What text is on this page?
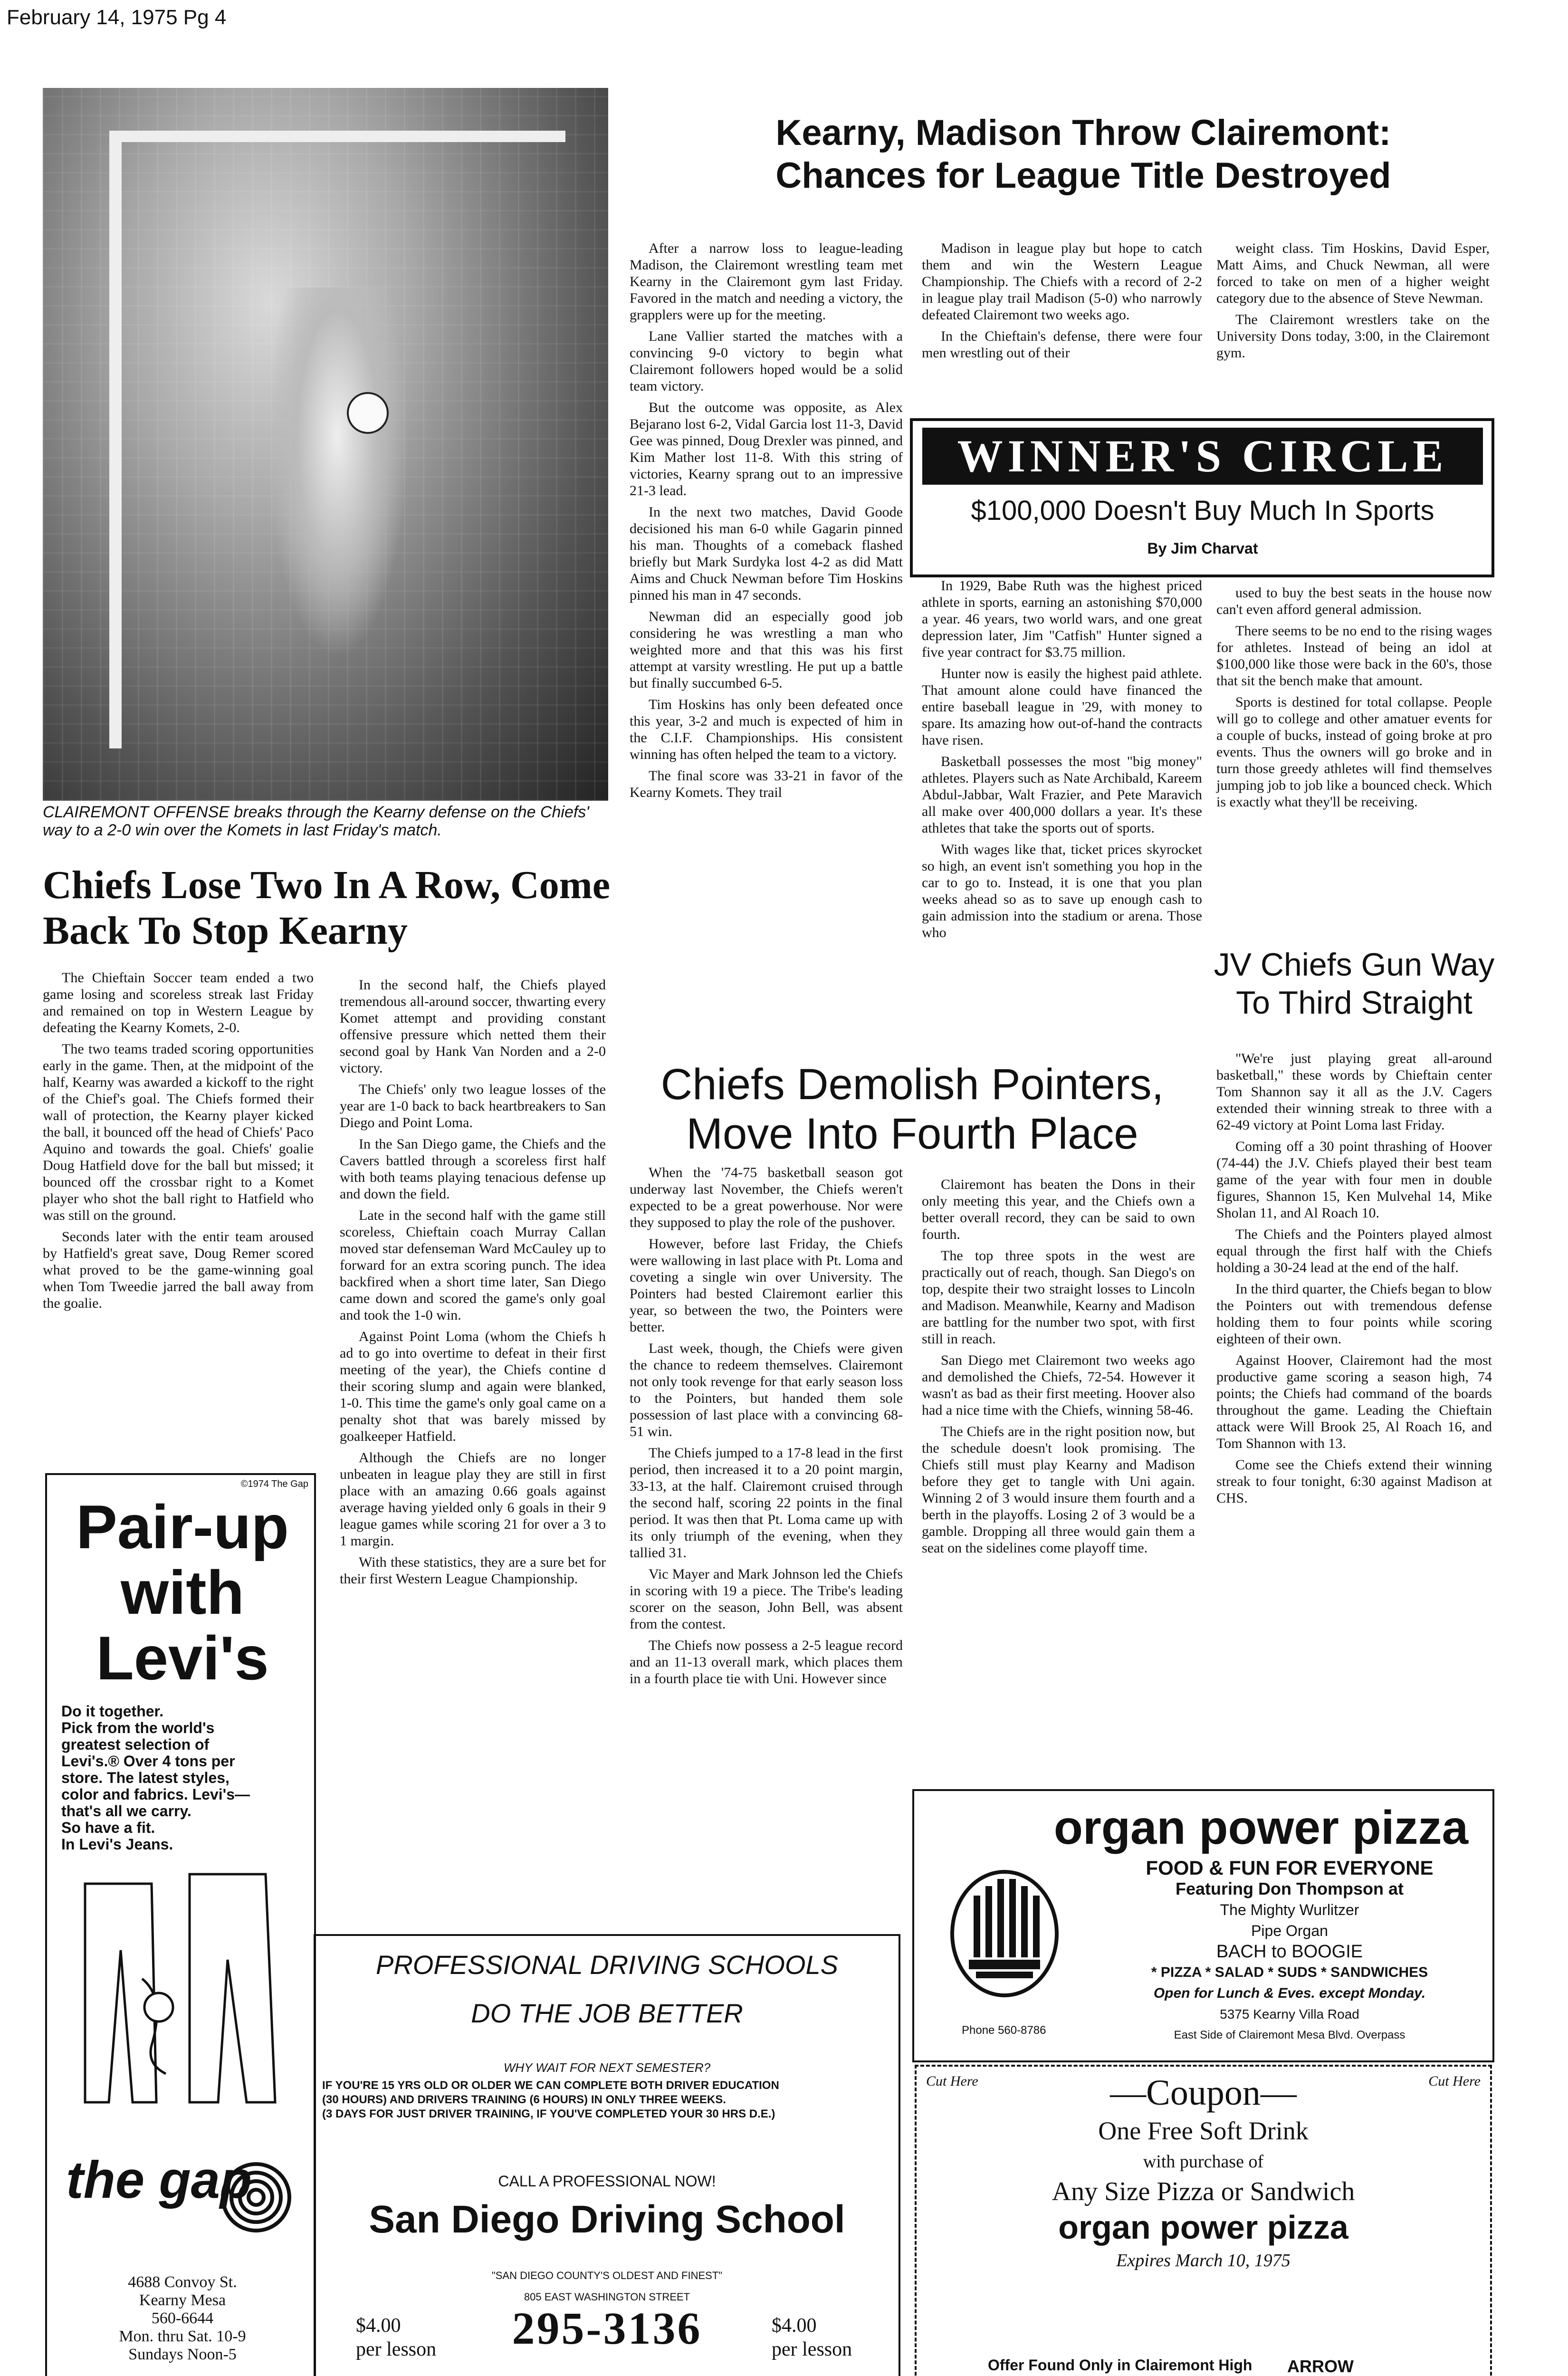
February 14, 1975 Pg 4
CLAIREMONT OFFENSE breaks through the Kearny defense on the Chiefs' way to a 2-0 win over the Komets in last Friday's match.
Chiefs Lose Two In A Row, Come Back To Stop Kearny

The Chieftain Soccer team ended a two game losing and scoreless streak last Friday and remained on top in Western League by defeating the Kearny Komets, 2-0.

The two teams traded scoring opportunities early in the game. Then, at the midpoint of the half, Kearny was awarded a kickoff to the right of the Chief's goal. The Chiefs formed their wall of protection, the Kearny player kicked the ball, it bounced off the head of Chiefs' Paco Aquino and towards the goal. Chiefs' goalie Doug Hatfield dove for the ball but missed; it bounced off the crossbar right to a Komet player who shot the ball right to Hatfield who was still on the ground.

Seconds later with the entir team aroused by Hatfield's great save, Doug Remer scored what proved to be the game-winning goal when Tom Tweedie jarred the ball away from the goalie.

In the second half, the Chiefs played tremendous all-around soccer, thwarting every Komet attempt and providing constant offensive pressure which netted them their second goal by Hank Van Norden and a 2-0 victory.

The Chiefs' only two league losses of the year are 1-0 back to back heartbreakers to San Diego and Point Loma.

In the San Diego game, the Chiefs and the Cavers battled through a scoreless first half with both teams playing tenacious defense up and down the field.

Late in the second half with the game still scoreless, Chieftain coach Murray Callan moved star defenseman Ward McCauley up to forward for an extra scoring punch. The idea backfired when a short time later, San Diego came down and scored the game's only goal and took the 1-0 win.

Against Point Loma (whom the Chiefs h ad to go into overtime to defeat in their first meeting of the year), the Chiefs contine d their scoring slump and again were blanked, 1-0. This time the game's only goal came on a penalty shot that was barely missed by goalkeeper Hatfield.

Although the Chiefs are no longer unbeaten in league play they are still in first place with an amazing 0.66 goals against average having yielded only 6 goals in their 9 league games while scoring 21 for over a 3 to 1 margin.

With these statistics, they are a sure bet for their first Western League Championship.

Kearny, Madison Throw Clairemont:
Chances for League Title Destroyed

After a narrow loss to league-leading Madison, the Clairemont wrestling team met Kearny in the Clairemont gym last Friday. Favored in the match and needing a victory, the grapplers were up for the meeting.

Lane Vallier started the matches with a convincing 9-0 victory to begin what Clairemont followers hoped would be a solid team victory.

But the outcome was opposite, as Alex Bejarano lost 6-2, Vidal Garcia lost 11-3, David Gee was pinned, Doug Drexler was pinned, and Kim Mather lost 11-8. With this string of victories, Kearny sprang out to an impressive 21-3 lead.

In the next two matches, David Goode decisioned his man 6-0 while Gagarin pinned his man. Thoughts of a comeback flashed briefly but Mark Surdyka lost 4-2 as did Matt Aims and Chuck Newman before Tim Hoskins pinned his man in 47 seconds.

Newman did an especially good job considering he was wrestling a man who weighted more and that this was his first attempt at varsity wrestling. He put up a battle but finally succumbed 6-5.

Tim Hoskins has only been defeated once this year, 3-2 and much is expected of him in the C.I.F. Championships. His consistent winning has often helped the team to a victory.

The final score was 33-21 in favor of the Kearny Komets. They trail

Madison in league play but hope to catch them and win the Western League Championship. The Chiefs with a record of 2-2 in league play trail Madison (5-0) who narrowly defeated Clairemont two weeks ago.

In the Chieftain's defense, there were four men wrestling out of their

weight class. Tim Hoskins, David Esper, Matt Aims, and Chuck Newman, all were forced to take on men of a higher weight category due to the absence of Steve Newman.

The Clairemont wrestlers take on the University Dons today, 3:00, in the Clairemont gym.

WINNER'S CIRCLE
$100,000 Doesn't Buy Much In Sports
By Jim Charvat

In 1929, Babe Ruth was the highest priced athlete in sports, earning an astonishing $70,000 a year. 46 years, two world wars, and one great depression later, Jim "Catfish" Hunter signed a five year contract for $3.75 million.

Hunter now is easily the highest paid athlete. That amount alone could have financed the entire baseball league in '29, with money to spare. Its amazing how out-of-hand the contracts have risen.

Basketball possesses the most "big money" athletes. Players such as Nate Archibald, Kareem Abdul-Jabbar, Walt Frazier, and Pete Maravich all make over 400,000 dollars a year. It's these athletes that take the sports out of sports.

With wages like that, ticket prices skyrocket so high, an event isn't something you hop in the car to go to. Instead, it is one that you plan weeks ahead so as to save up enough cash to gain admission into the stadium or arena. Those who

used to buy the best seats in the house now can't even afford general admission.

There seems to be no end to the rising wages for athletes. Instead of being an idol at $100,000 like those were back in the 60's, those that sit the bench make that amount.

Sports is destined for total collapse. People will go to college and other amatuer events for a couple of bucks, instead of going broke at pro events. Thus the owners will go broke and in turn those greedy athletes will find themselves jumping job to job like a bounced check. Which is exactly what they'll be receiving.

JV Chiefs Gun Way
To Third Straight

"We're just playing great all-around basketball," these words by Chieftain center Tom Shannon say it all as the J.V. Cagers extended their winning streak to three with a 62-49 victory at Point Loma last Friday.

Coming off a 30 point thrashing of Hoover (74-44) the J.V. Chiefs played their best team game of the year with four men in double figures, Shannon 15, Ken Mulvehal 14, Mike Sholan 11, and Al Roach 10.

The Chiefs and the Pointers played almost equal through the first half with the Chiefs holding a 30-24 lead at the end of the half.

In the third quarter, the Chiefs began to blow the Pointers out with tremendous defense holding them to four points while scoring eighteen of their own.

Against Hoover, Clairemont had the most productive game scoring a season high, 74 points; the Chiefs had command of the boards throughout the game. Leading the Chieftain attack were Will Brook 25, Al Roach 16, and Tom Shannon with 13.

Come see the Chiefs extend their winning streak to four tonight, 6:30 against Madison at CHS.

Chiefs Demolish Pointers,
Move Into Fourth Place

When the '74-75 basketball season got underway last November, the Chiefs weren't expected to be a great powerhouse. Nor were they supposed to play the role of the pushover.

However, before last Friday, the Chiefs were wallowing in last place with Pt. Loma and coveting a single win over University. The Pointers had bested Clairemont earlier this year, so between the two, the Pointers were better.

Last week, though, the Chiefs were given the chance to redeem themselves. Clairemont not only took revenge for that early season loss to the Pointers, but handed them sole possession of last place with a convincing 68-51 win.

The Chiefs jumped to a 17-8 lead in the first period, then increased it to a 20 point margin, 33-13, at the half. Clairemont cruised through the second half, scoring 22 points in the final period. It was then that Pt. Loma came up with its only triumph of the evening, when they tallied 31.

Vic Mayer and Mark Johnson led the Chiefs in scoring with 19 a piece. The Tribe's leading scorer on the season, John Bell, was absent from the contest.

The Chiefs now possess a 2-5 league record and an 11-13 overall mark, which places them in a fourth place tie with Uni. However since

Clairemont has beaten the Dons in their only meeting this year, and the Chiefs own a better overall record, they can be said to own fourth.

The top three spots in the west are practically out of reach, though. San Diego's on top, despite their two straight losses to Lincoln and Madison. Meanwhile, Kearny and Madison are battling for the number two spot, with first still in reach.

San Diego met Clairemont two weeks ago and demolished the Chiefs, 72-54. However it wasn't as bad as their first meeting. Hoover also had a nice time with the Chiefs, winning 58-46.

The Chiefs are in the right position now, but the schedule doesn't look promising. The Chiefs still must play Kearny and Madison before they get to tangle with Uni again. Winning 2 of 3 would insure them fourth and a berth in the playoffs. Losing 2 of 3 would be a gamble. Dropping all three would gain them a seat on the sidelines come playoff time.

©1974 The Gap
Pair-up
with
Levi's
Do it together.
Pick from the world's
greatest selection of
Levi's.® Over 4 tons per
store. The latest styles,
color and fabrics. Levi's—
that's all we carry.
So have a fit.
In Levi's Jeans.
the gap
4688 Convoy St.
Kearny Mesa
560-6644
Mon. thru Sat. 10-9
Sundays Noon-5
PROFESSIONAL DRIVING SCHOOLS
DO THE JOB BETTER
WHY WAIT FOR NEXT SEMESTER?
IF YOU'RE 15 YRS OLD OR OLDER WE CAN COMPLETE BOTH DRIVER EDUCATION
(30 HOURS) AND DRIVERS TRAINING (6 HOURS) IN ONLY THREE WEEKS.
(3 DAYS FOR JUST DRIVER TRAINING, IF YOU'VE COMPLETED YOUR 30 HRS D.E.)
CALL A PROFESSIONAL NOW!
San Diego Driving School
"SAN DIEGO COUNTY'S OLDEST AND FINEST"
805 EAST WASHINGTON STREET
295-3136
$4.00
per lesson
$4.00
per lesson
organ power pizza
FOOD & FUN FOR EVERYONE
Featuring Don Thompson at
The Mighty Wurlitzer
Pipe Organ
BACH to BOOGIE
* PIZZA * SALAD * SUDS * SANDWICHES
Open for Lunch & Eves. except Monday.
5375 Kearny Villa Road
East Side of Clairemont Mesa Blvd. Overpass
Phone 560-8786
Cut Here	Cut Here
—Coupon—
One Free Soft Drink
with purchase of
Any Size Pizza or Sandwich
organ power pizza
Expires March 10, 1975
Offer Found Only in Clairemont High ARROW
